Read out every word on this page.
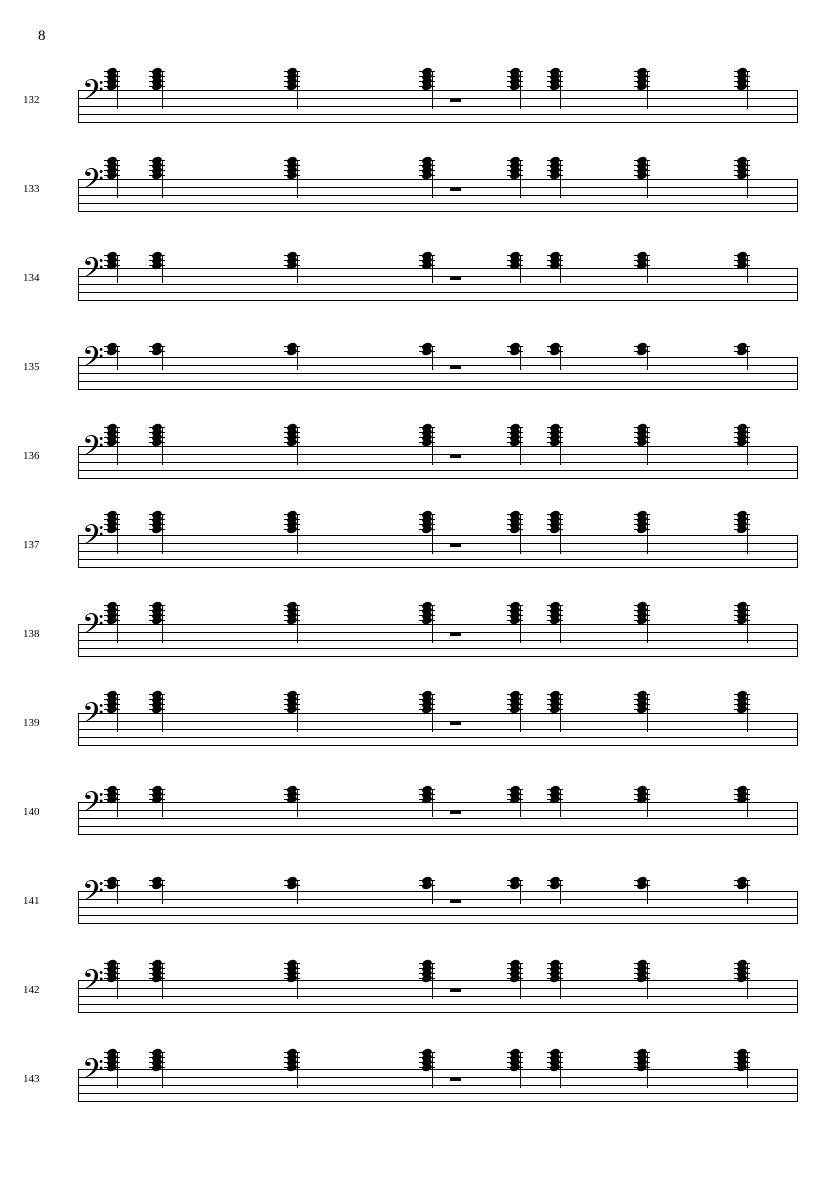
8
132 𝄢
133 𝄢
134 𝄢
135 𝄢
136 𝄢
137 𝄢
138 𝄢
139 𝄢
140 𝄢
141 𝄢
142 𝄢
143 𝄢
